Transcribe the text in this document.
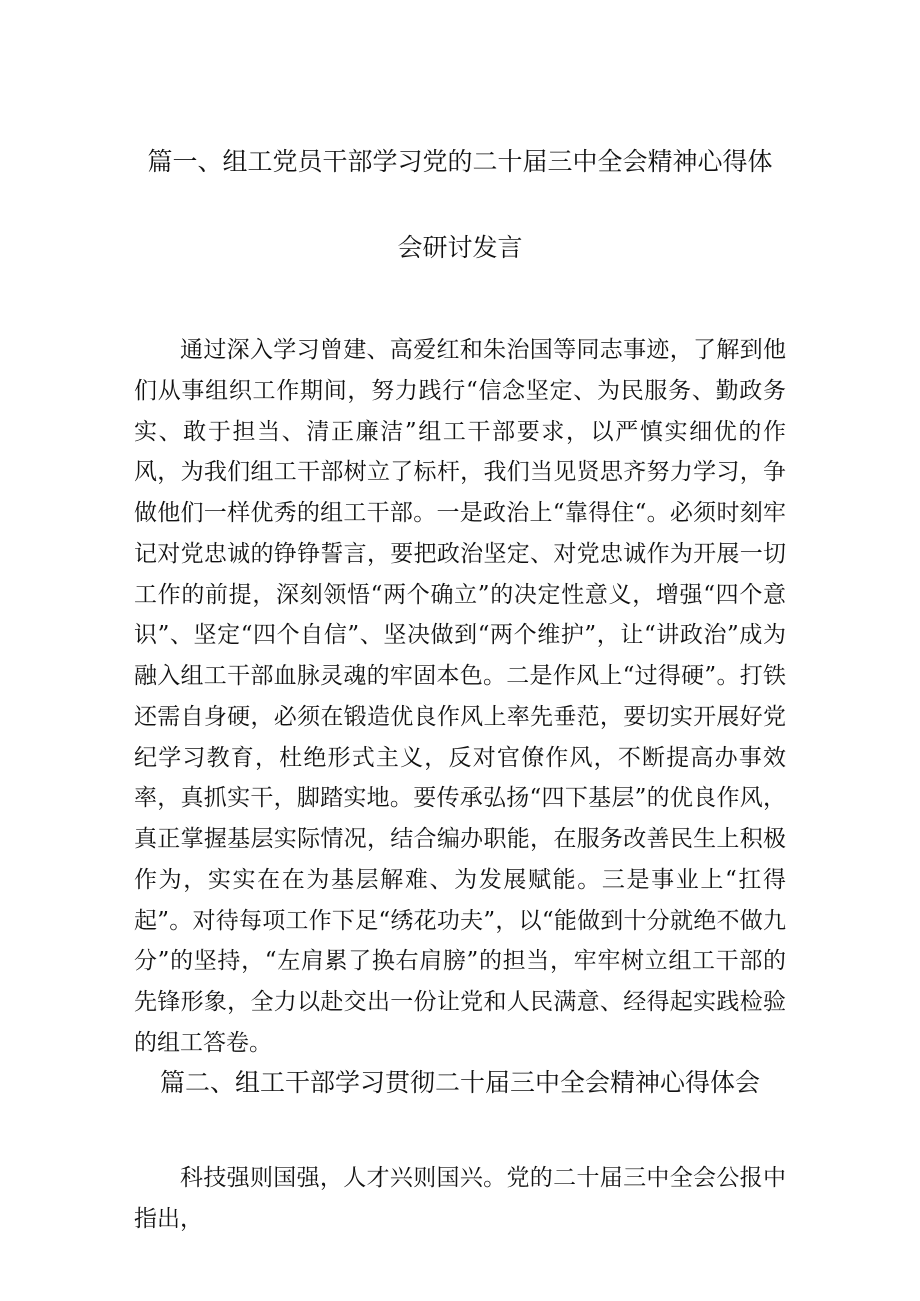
篇一、组工党员干部学习党的二十届三中全会精神心得体
会研讨发言

通过深入学习曾建、高爱红和朱治国等同志事迹，了解到他们从事组织工作期间，努力践行“信念坚定、为民服务、勤政务实、敢于担当、清正廉洁”组工干部要求，以严慎实细优的作风，为我们组工干部树立了标杆，我们当见贤思齐努力学习，争做他们一样优秀的组工干部。一是政治上“靠得住“。必须时刻牢记对党忠诚的铮铮誓言，要把政治坚定、对党忠诚作为开展一切工作的前提，深刻领悟“两个确立”的决定性意义，增强“四个意识”、坚定“四个自信”、坚决做到“两个维护”，让“讲政治”成为融入组工干部血脉灵魂的牢固本色。二是作风上“过得硬”。打铁还需自身硬，必须在锻造优良作风上率先垂范，要切实开展好党纪学习教育，杜绝形式主义，反对官僚作风，不断提高办事效率，真抓实干，脚踏实地。要传承弘扬“四下基层”的优良作风，真正掌握基层实际情况，结合编办职能，在服务改善民生上积极作为，实实在在为基层解难、为发展赋能。三是事业上“扛得起”。对待每项工作下足“绣花功夫”，以“能做到十分就绝不做九分”的坚持，“左肩累了换右肩膀”的担当，牢牢树立组工干部的先锋形象，全力以赴交出一份让党和人民满意、经得起实践检验的组工答卷。

篇二、组工干部学习贯彻二十届三中全会精神心得体会

科技强则国强，人才兴则国兴。党的二十届三中全会公报中指出，
